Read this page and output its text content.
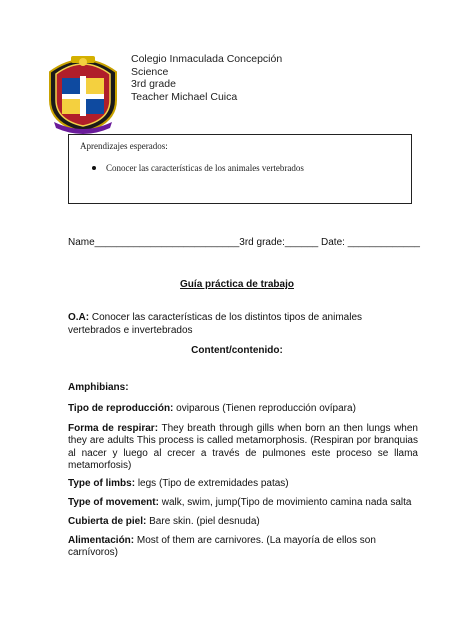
Colegio Inmaculada Concepción
Science
3rd grade
Teacher Michael Cuica
Aprendizajes esperados:
Conocer las características de los animales vertebrados
Name__________________________3rd grade:______ Date: _____________
Guía práctica de trabajo
O.A: Conocer las características de los distintos tipos de animales vertebrados e invertebrados
Content/contenido:
Amphibians:
Tipo de reproducción: oviparous (Tienen reproducción ovípara)
Forma de respirar: They breath through gills when born an then lungs when they are adults This process is called metamorphosis. (Respiran por branquias al nacer y luego al crecer a través de pulmones este proceso se llama metamorfosis)
Type of limbs: legs (Tipo de extremidades patas)
Type of movement: walk, swim, jump(Tipo de movimiento camina nada salta
Cubierta de piel: Bare skin. (piel desnuda)
Alimentación: Most of them are carnivores. (La mayoría de ellos son carnívoros)
